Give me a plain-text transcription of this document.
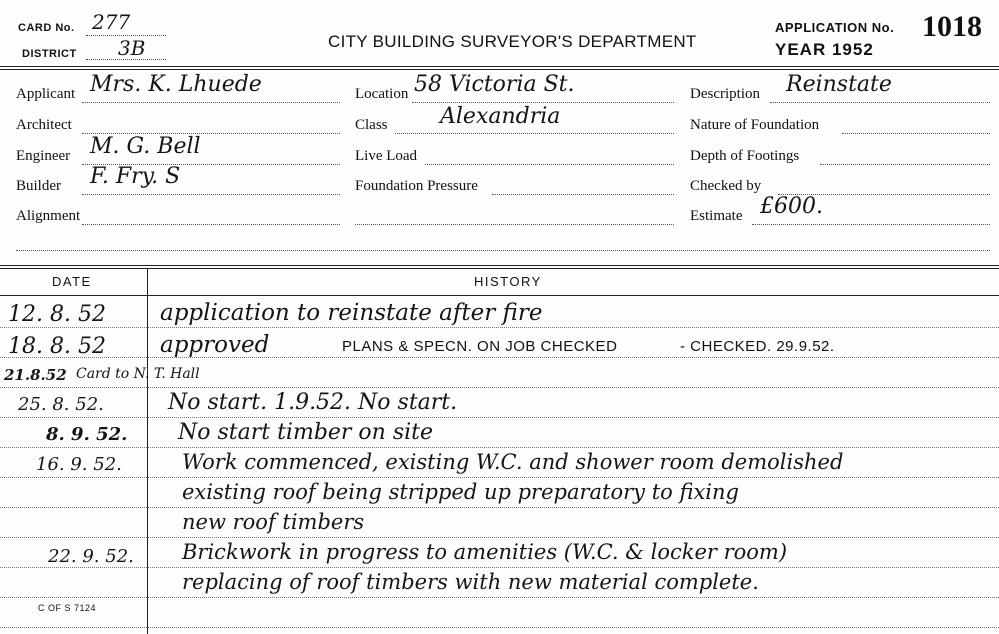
CARD No. 277
DISTRICT 3B	CITY BUILDING SURVEYOR'S DEPARTMENT
APPLICATION No. 1018
YEAR 1952
Applicant Mrs. K. Lhuede
Architect
Engineer M. G. Bell
Builder F. Fry. S
Alignment
Location 58 Victoria St.
Class Alexandria
Live Load
Foundation Pressure
Description Reinstate
Nature of Foundation
Depth of Footings
Checked by
Estimate £600.
DATE	HISTORY
12. 8. 52 application to reinstate after fire
18. 8. 52 approved	PLANS & SPECN. ON JOB CHECKED	- CHECKED. 29.9.52.
21.8.52 Card to N. T. Hall
25. 8. 52.	No start. 1.9.52. No start.
8. 9. 52. No start timber on site
16. 9. 52.	Work commenced, existing W.C. and shower room demolished
existing roof being stripped up preparatory to fixing
new roof timbers
22. 9. 52. Brickwork in progress to amenities (W.C. & locker room)
replacing of roof timbers with new material complete.
C OF S 7124
